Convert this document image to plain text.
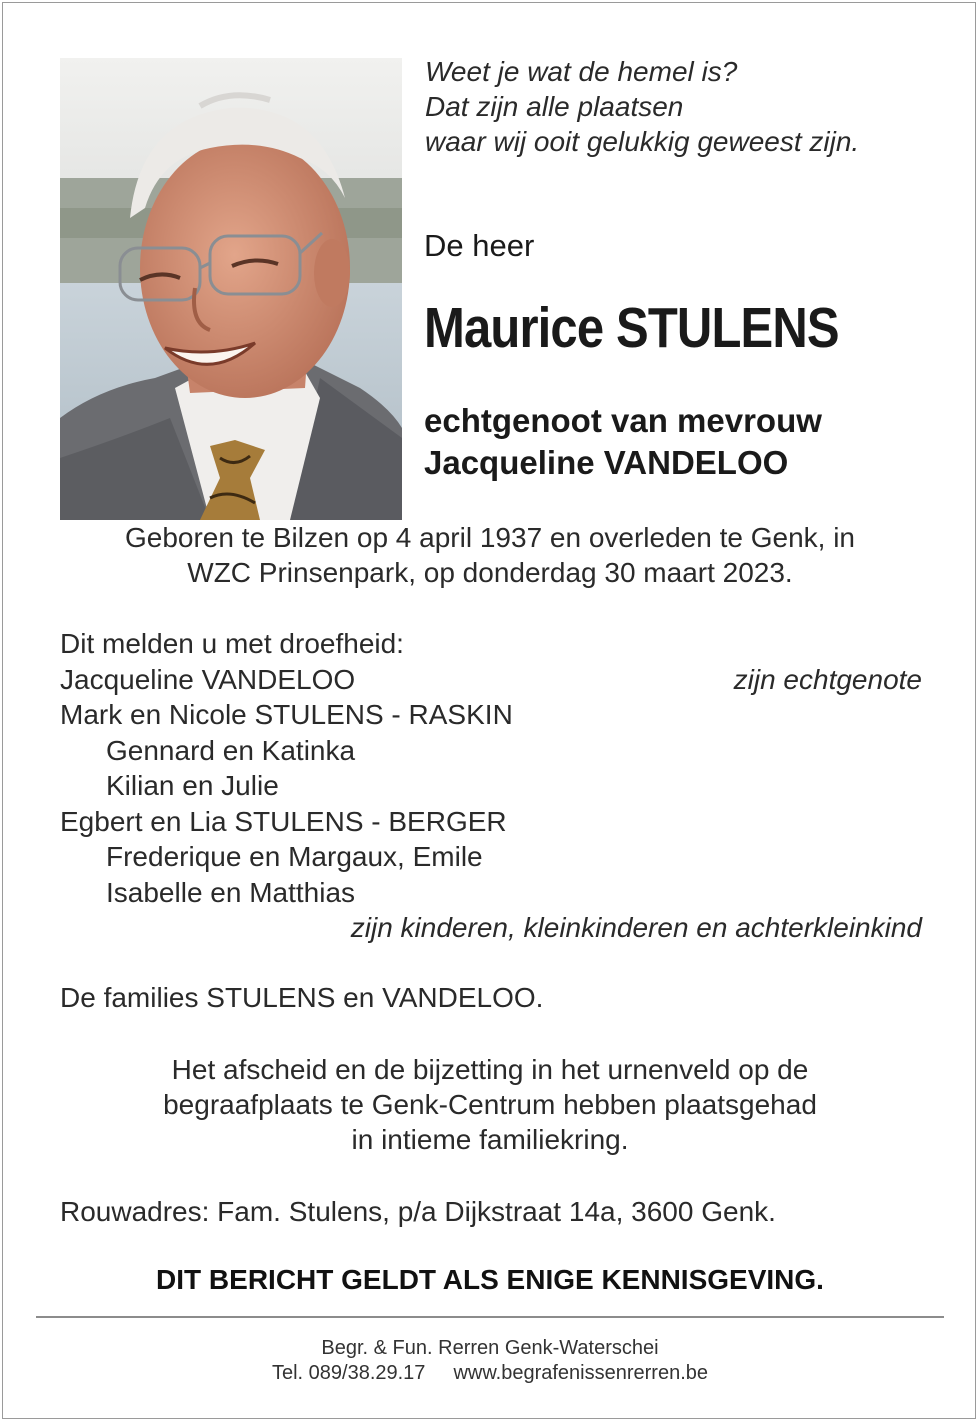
Weet je wat de hemel is?
Dat zijn alle plaatsen
waar wij ooit gelukkig geweest zijn.
De heer
Maurice STULENS
echtgenoot van mevrouw
Jacqueline VANDELOO
Geboren te Bilzen op 4 april 1937 en overleden te Genk, in
WZC Prinsenpark, op donderdag 30 maart 2023.
Dit melden u met droefheid:
Jacqueline VANDELOO	zijn echtgenote
Mark en Nicole STULENS - RASKIN
Gennard en Katinka
Kilian en Julie
Egbert en Lia STULENS - BERGER
Frederique en Margaux, Emile
Isabelle en Matthias
zijn kinderen, kleinkinderen en achterkleinkind
De families STULENS en VANDELOO.
Het afscheid en de bijzetting in het urnenveld op de
begraafplaats te Genk-Centrum hebben plaatsgehad
in intieme familiekring.
Rouwadres: Fam. Stulens, p/a Dijkstraat 14a, 3600 Genk.
DIT BERICHT GELDT ALS ENIGE KENNISGEVING.
Begr. & Fun. Rerren Genk-Waterschei
Tel. 089/38.29.17 www.begrafenissenrerren.be
